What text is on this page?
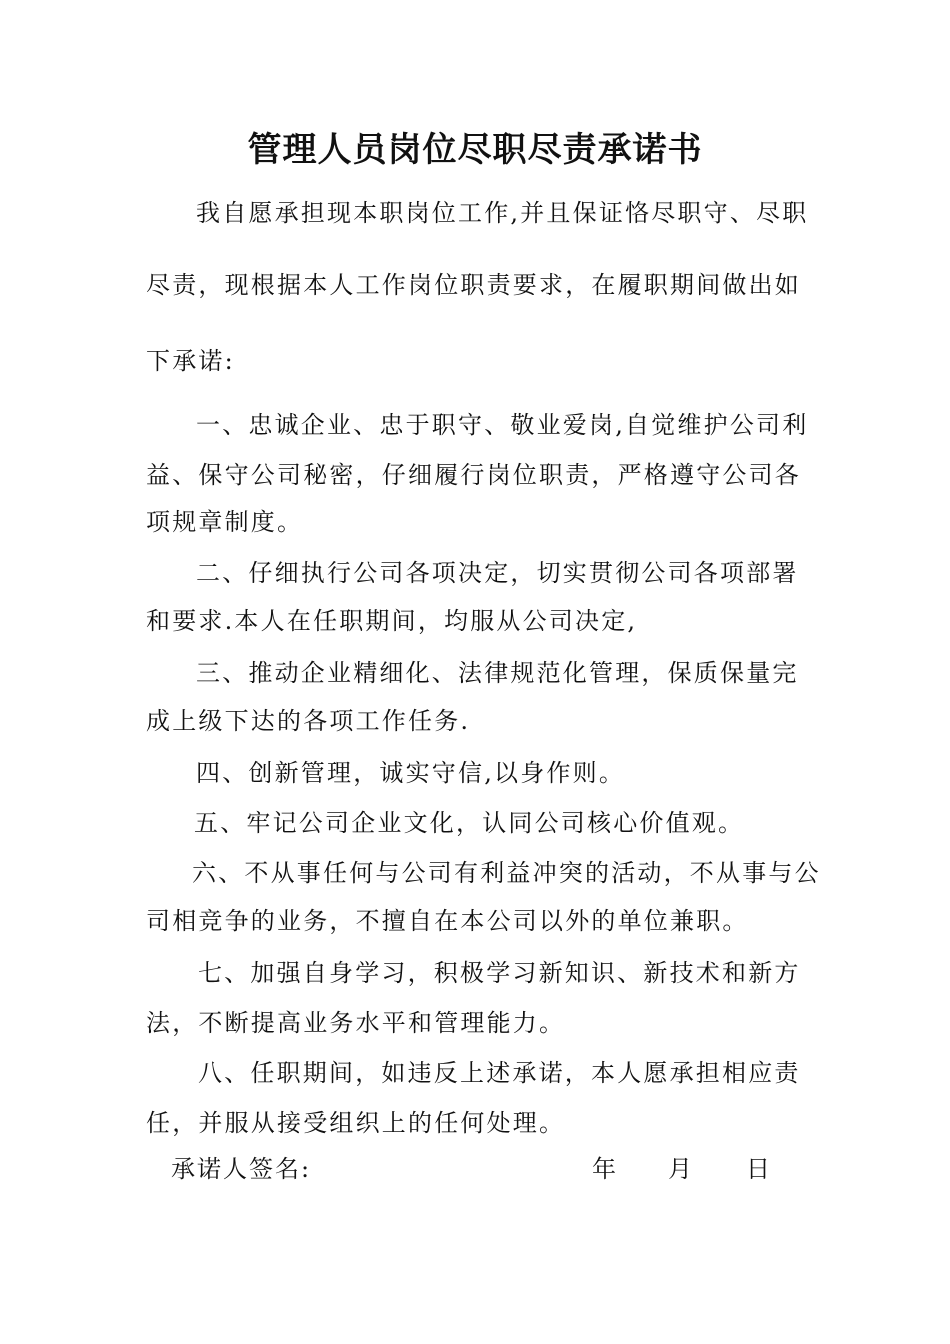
管理人员岗位尽职尽责承诺书
我自愿承担现本职岗位工作,并且保证恪尽职守、尽职
尽责，现根据本人工作岗位职责要求，在履职期间做出如
下承诺:
一、忠诚企业、忠于职守、敬业爱岗,自觉维护公司利
益、保守公司秘密，仔细履行岗位职责，严格遵守公司各
项规章制度。
二、仔细执行公司各项决定，切实贯彻公司各项部署
和要求.本人在任职期间，均服从公司决定,
三、推动企业精细化、法律规范化管理，保质保量完
成上级下达的各项工作任务.
四、创新管理，诚实守信,以身作则。
五、牢记公司企业文化，认同公司核心价值观。
六、不从事任何与公司有利益冲突的活动，不从事与公
司相竞争的业务，不擅自在本公司以外的单位兼职。
七、加强自身学习，积极学习新知识、新技术和新方
法，不断提高业务水平和管理能力。
八、任职期间，如违反上述承诺，本人愿承担相应责
任，并服从接受组织上的任何处理。
承诺人签名:	年 月 日
